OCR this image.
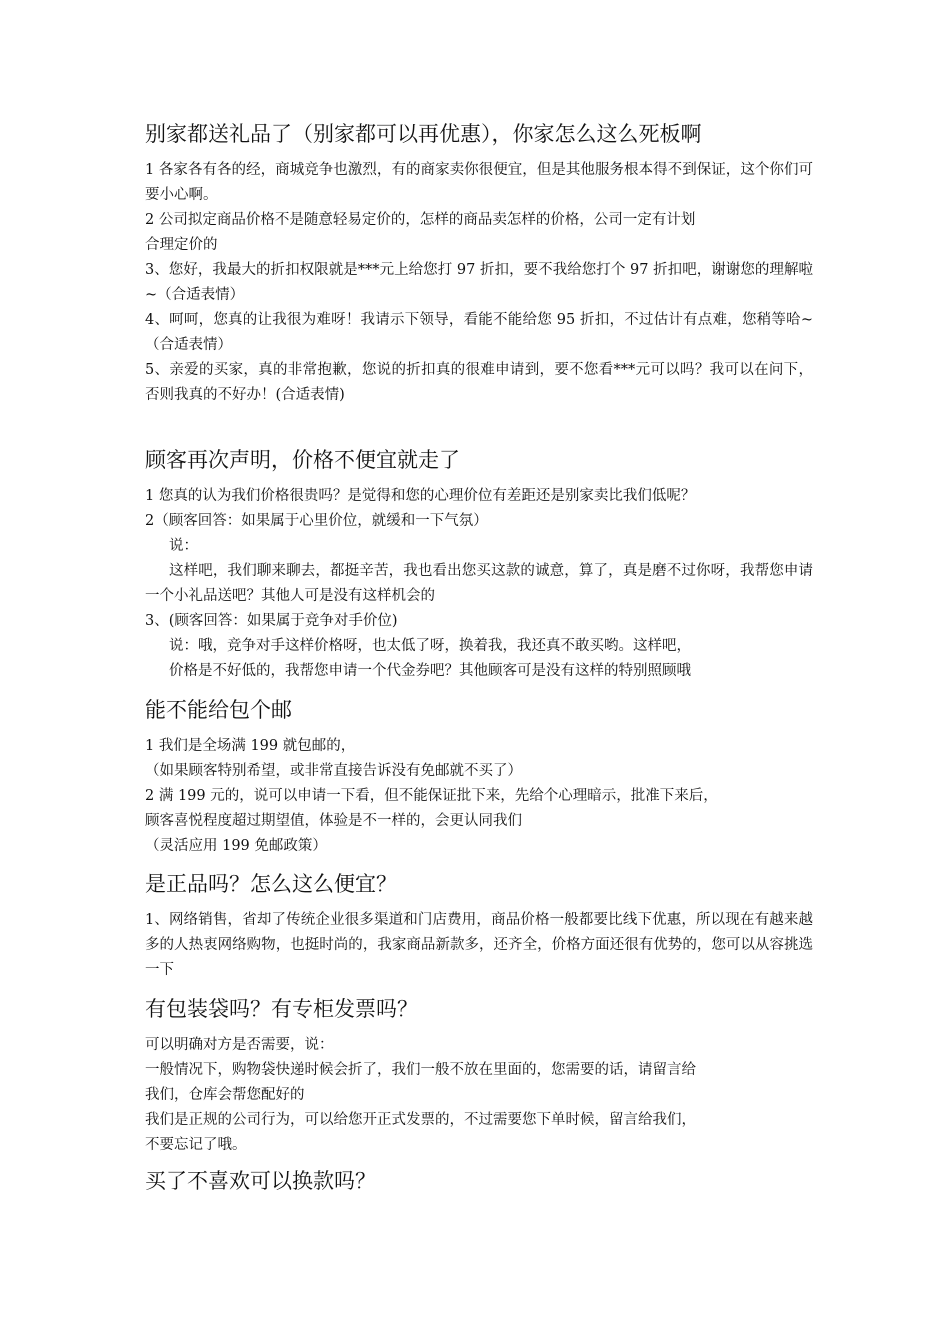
别家都送礼品了（别家都可以再优惠），你家怎么这么死板啊

1 各家各有各的经，商城竞争也激烈，有的商家卖你很便宜，但是其他服务根本得不到保证，这个你们可要小心啊。

2 公司拟定商品价格不是随意轻易定价的，怎样的商品卖怎样的价格，公司一定有计划

合理定价的

3、您好，我最大的折扣权限就是***元上给您打 97 折扣，要不我给您打个 97 折扣吧，谢谢您的理解啦~（合适表情）

4、呵呵，您真的让我很为难呀！我请示下领导，看能不能给您 95 折扣，不过估计有点难，您稍等哈~（合适表情）

5、亲爱的买家，真的非常抱歉，您说的折扣真的很难申请到，要不您看***元可以吗？我可以在问下，否则我真的不好办！(合适表情)

顾客再次声明，价格不便宜就走了

1 您真的认为我们价格很贵吗？是觉得和您的心理价位有差距还是别家卖比我们低呢？

2（顾客回答：如果属于心里价位，就缓和一下气氛）

说：

这样吧，我们聊来聊去，都挺辛苦，我也看出您买这款的诚意，算了，真是磨不过你呀，我帮您申请一个小礼品送吧？其他人可是没有这样机会的

3、(顾客回答：如果属于竞争对手价位)

说：哦，竞争对手这样价格呀，也太低了呀，换着我，我还真不敢买哟。这样吧，

价格是不好低的，我帮您申请一个代金券吧？其他顾客可是没有这样的特别照顾哦

能不能给包个邮

1 我们是全场满 199 就包邮的，

（如果顾客特别希望，或非常直接告诉没有免邮就不买了）

2 满 199 元的，说可以申请一下看，但不能保证批下来，先给个心理暗示，批准下来后，

顾客喜悦程度超过期望值，体验是不一样的，会更认同我们

（灵活应用 199 免邮政策）

是正品吗？怎么这么便宜？

1、网络销售，省却了传统企业很多渠道和门店费用，商品价格一般都要比线下优惠，所以现在有越来越多的人热衷网络购物，也挺时尚的，我家商品新款多，还齐全，价格方面还很有优势的，您可以从容挑选一下

有包装袋吗？有专柜发票吗？

可以明确对方是否需要，说：

一般情况下，购物袋快递时候会折了，我们一般不放在里面的，您需要的话，请留言给

我们，仓库会帮您配好的

我们是正规的公司行为，可以给您开正式发票的，不过需要您下单时候，留言给我们，

不要忘记了哦。

买了不喜欢可以换款吗？
